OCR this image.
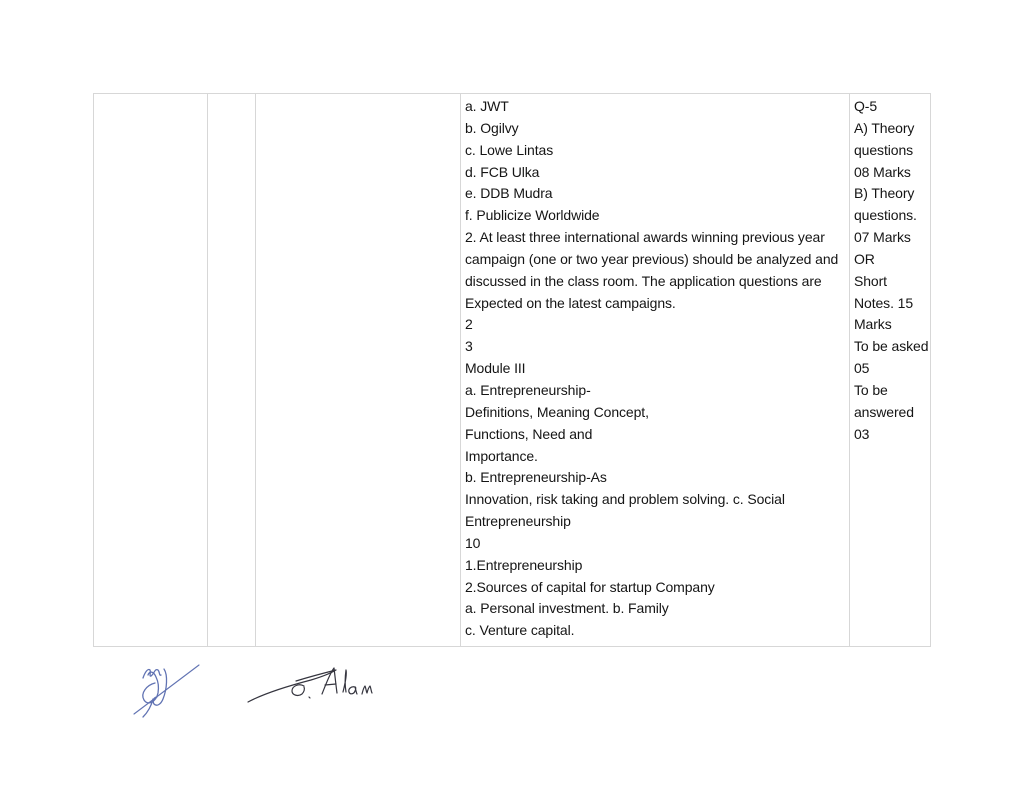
a. JWT
b. Ogilvy
c. Lowe Lintas
d. FCB Ulka
e. DDB Mudra
f. Publicize Worldwide
2. At least three international awards winning previous year
campaign (one or two year previous) should be analyzed and
discussed in the class room. The application questions are
Expected on the latest campaigns.
2
3
Module III
a. Entrepreneurship-
Definitions, Meaning Concept,
Functions, Need and
Importance.
b. Entrepreneurship-As
Innovation, risk taking and problem solving. c. Social
Entrepreneurship
10
1.Entrepreneurship
2.Sources of capital for startup Company
a. Personal investment. b. Family
c. Venture capital.
Q-5
A) Theory
questions
08 Marks
B) Theory
questions.
07 Marks
OR
Short
Notes. 15
Marks
To be asked
05
To be
answered
03
